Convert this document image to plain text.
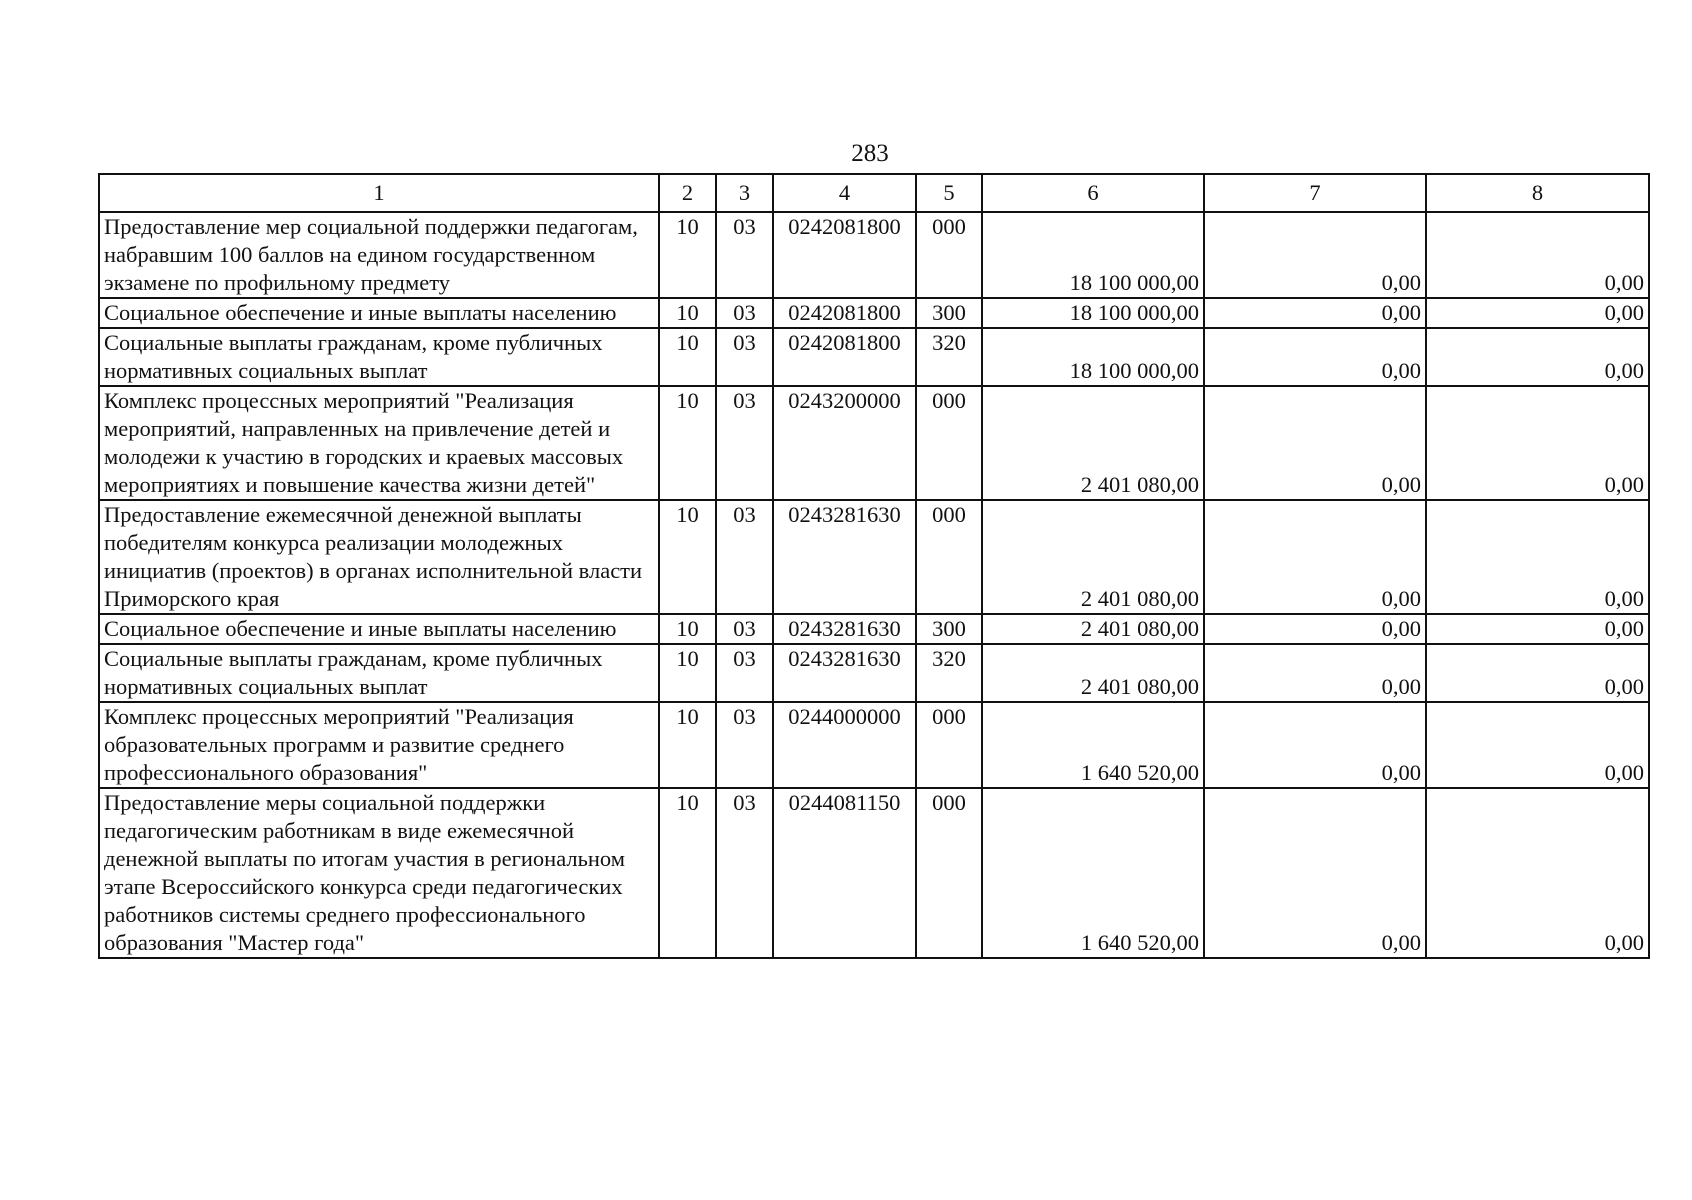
283
1	2	3	4	5	6	7	8
Предоставление мер социальной поддержки педагогам, набравшим 100 баллов на едином государственном экзамене по профильному предмету	10	03	0242081800	000	18 100 000,00	0,00	0,00
Социальное обеспечение и иные выплаты населению	10	03	0242081800	300	18 100 000,00	0,00	0,00
Социальные выплаты гражданам, кроме публичных нормативных социальных выплат	10	03	0242081800	320	18 100 000,00	0,00	0,00
Комплекс процессных мероприятий "Реализация мероприятий, направленных на привлечение детей и молодежи к участию в городских и краевых массовых мероприятиях и повышение качества жизни детей"	10	03	0243200000	000	2 401 080,00	0,00	0,00
Предоставление ежемесячной денежной выплаты победителям конкурса реализации молодежных инициатив (проектов) в органах исполнительной власти Приморского края	10	03	0243281630	000	2 401 080,00	0,00	0,00
Социальное обеспечение и иные выплаты населению	10	03	0243281630	300	2 401 080,00	0,00	0,00
Социальные выплаты гражданам, кроме публичных нормативных социальных выплат	10	03	0243281630	320	2 401 080,00	0,00	0,00
Комплекс процессных мероприятий "Реализация образовательных программ и развитие среднего профессионального образования"	10	03	0244000000	000	1 640 520,00	0,00	0,00
Предоставление меры социальной поддержки педагогическим работникам в виде ежемесячной денежной выплаты по итогам участия в региональном этапе Всероссийского конкурса среди педагогических работников системы среднего профессионального образования "Мастер года"	10	03	0244081150	000	1 640 520,00	0,00	0,00
